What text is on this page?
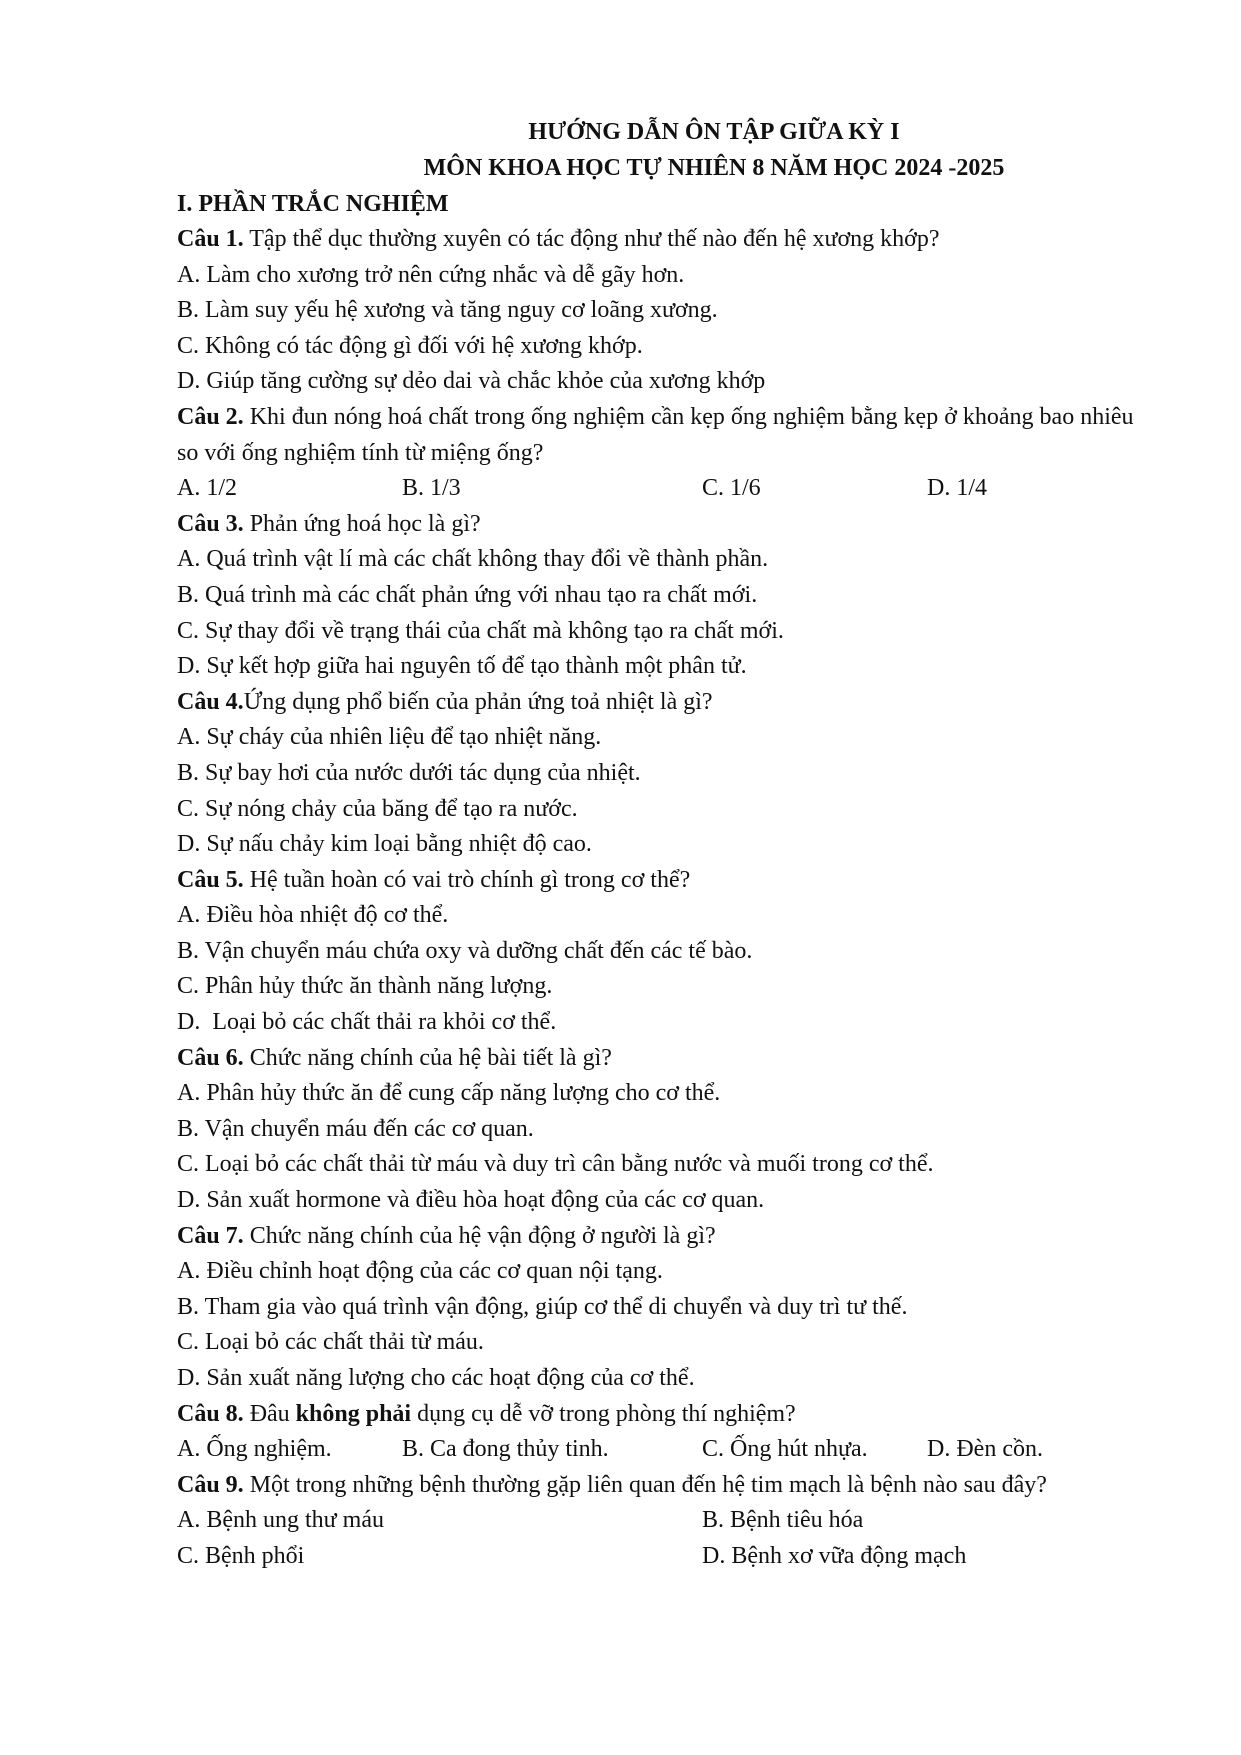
HƯỚNG DẪN ÔN TẬP GIỮA KỲ I

MÔN KHOA HỌC TỰ NHIÊN 8 NĂM HỌC 2024 -2025

I. PHẦN TRẮC NGHIỆM

Câu 1. Tập thể dục thường xuyên có tác động như thế nào đến hệ xương khớp?

A. Làm cho xương trở nên cứng nhắc và dễ gãy hơn.

B. Làm suy yếu hệ xương và tăng nguy cơ loãng xương.

C. Không có tác động gì đối với hệ xương khớp.

D. Giúp tăng cường sự dẻo dai và chắc khỏe của xương khớp

Câu 2. Khi đun nóng hoá chất trong ống nghiệm cần kẹp ống nghiệm bằng kẹp ở khoảng bao nhiêu so với ống nghiệm tính từ miệng ống?

A. 1/2	B. 1/3	C. 1/6	D. 1/4

Câu 3. Phản ứng hoá học là gì?

A. Quá trình vật lí mà các chất không thay đổi về thành phần.

B. Quá trình mà các chất phản ứng với nhau tạo ra chất mới.

C. Sự thay đổi về trạng thái của chất mà không tạo ra chất mới.

D. Sự kết hợp giữa hai nguyên tố để tạo thành một phân tử.

Câu 4.Ứng dụng phổ biến của phản ứng toả nhiệt là gì?

A. Sự cháy của nhiên liệu để tạo nhiệt năng.

B. Sự bay hơi của nước dưới tác dụng của nhiệt.

C. Sự nóng chảy của băng để tạo ra nước.

D. Sự nấu chảy kim loại bằng nhiệt độ cao.

Câu 5. Hệ tuần hoàn có vai trò chính gì trong cơ thể?

A. Điều hòa nhiệt độ cơ thể.

B. Vận chuyển máu chứa oxy và dưỡng chất đến các tế bào.

C. Phân hủy thức ăn thành năng lượng.

D.  Loại bỏ các chất thải ra khỏi cơ thể.

Câu 6. Chức năng chính của hệ bài tiết là gì?

A. Phân hủy thức ăn để cung cấp năng lượng cho cơ thể.

B. Vận chuyển máu đến các cơ quan.

C. Loại bỏ các chất thải từ máu và duy trì cân bằng nước và muối trong cơ thể.

D. Sản xuất hormone và điều hòa hoạt động của các cơ quan.

Câu 7. Chức năng chính của hệ vận động ở người là gì?

A. Điều chỉnh hoạt động của các cơ quan nội tạng.

B. Tham gia vào quá trình vận động, giúp cơ thể di chuyển và duy trì tư thế.

C. Loại bỏ các chất thải từ máu.

D. Sản xuất năng lượng cho các hoạt động của cơ thể.

Câu 8. Đâu không phải dụng cụ dễ vỡ trong phòng thí nghiệm?

A. Ống nghiệm.	B. Ca đong thủy tinh.	C. Ống hút nhựa.	D. Đèn cồn.

Câu 9. Một trong những bệnh thường gặp liên quan đến hệ tim mạch là bệnh nào sau đây?

A. Bệnh ung thư máu	B. Bệnh tiêu hóa
C. Bệnh phổi	D. Bệnh xơ vữa động mạch
